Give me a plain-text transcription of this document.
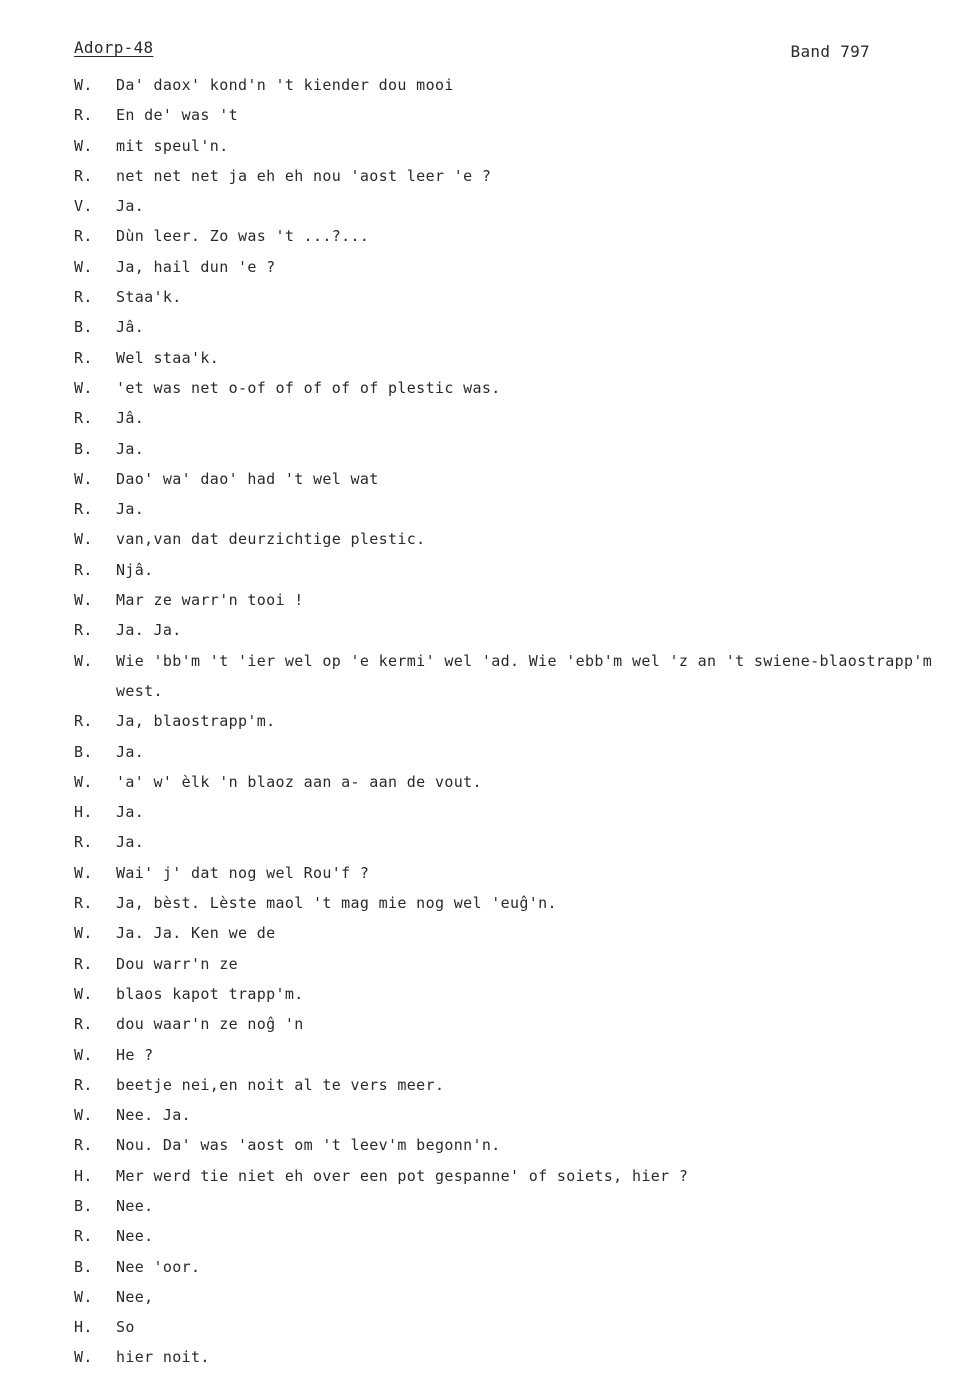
Adorp-48	Band 797
W.	Da' daox' kond'n 't kiender dou mooi
R.	En de' was 't
W.	mit speul'n.
R.	net net net ja eh eh nou 'aost leer 'e ?
V.	Ja.
R.	Dùn leer. Zo was 't ...?...
W.	Ja, hail dun 'e ?
R.	Staa'k.
B.	Jâ.
R.	Wel staa'k.
W.	'et was net o-of of of of of plestic was.
R.	Jâ.
B.	Ja.
W.	Dao' wa' dao' had 't wel wat
R.	Ja.
W.	van,van dat deurzichtige plestic.
R.	Njâ.
W.	Mar ze warr'n tooi !
R.	Ja. Ja.
W.	Wie 'bb'm 't 'ier wel op 'e kermi' wel 'ad. Wie 'ebb'm wel 'z an 't swiene-blaostrapp'm west.
R.	Ja, blaostrapp'm.
B.	Ja.
W.	'a' w' èlk 'n blaoz aan a- aan de vout.
H.	Ja.
R.	Ja.
W.	Wai' j' dat nog wel Rou'f ?
R.	Ja, bèst. Lèste maol 't mag mie nog wel 'euĝ'n.
W.	Ja. Ja. Ken we de
R.	Dou warr'n ze
W.	blaos kapot trapp'm.
R.	dou waar'n ze noĝ 'n
W.	He ?
R.	beetje nei,en noit al te vers meer.
W.	Nee. Ja.
R.	Nou. Da' was 'aost om 't leev'm begonn'n.
H.	Mer werd tie niet eh over een pot gespanne' of soiets, hier ?
B.	Nee.
R.	Nee.
B.	Nee 'oor.
W.	Nee,
H.	So
W.	hier noit.
